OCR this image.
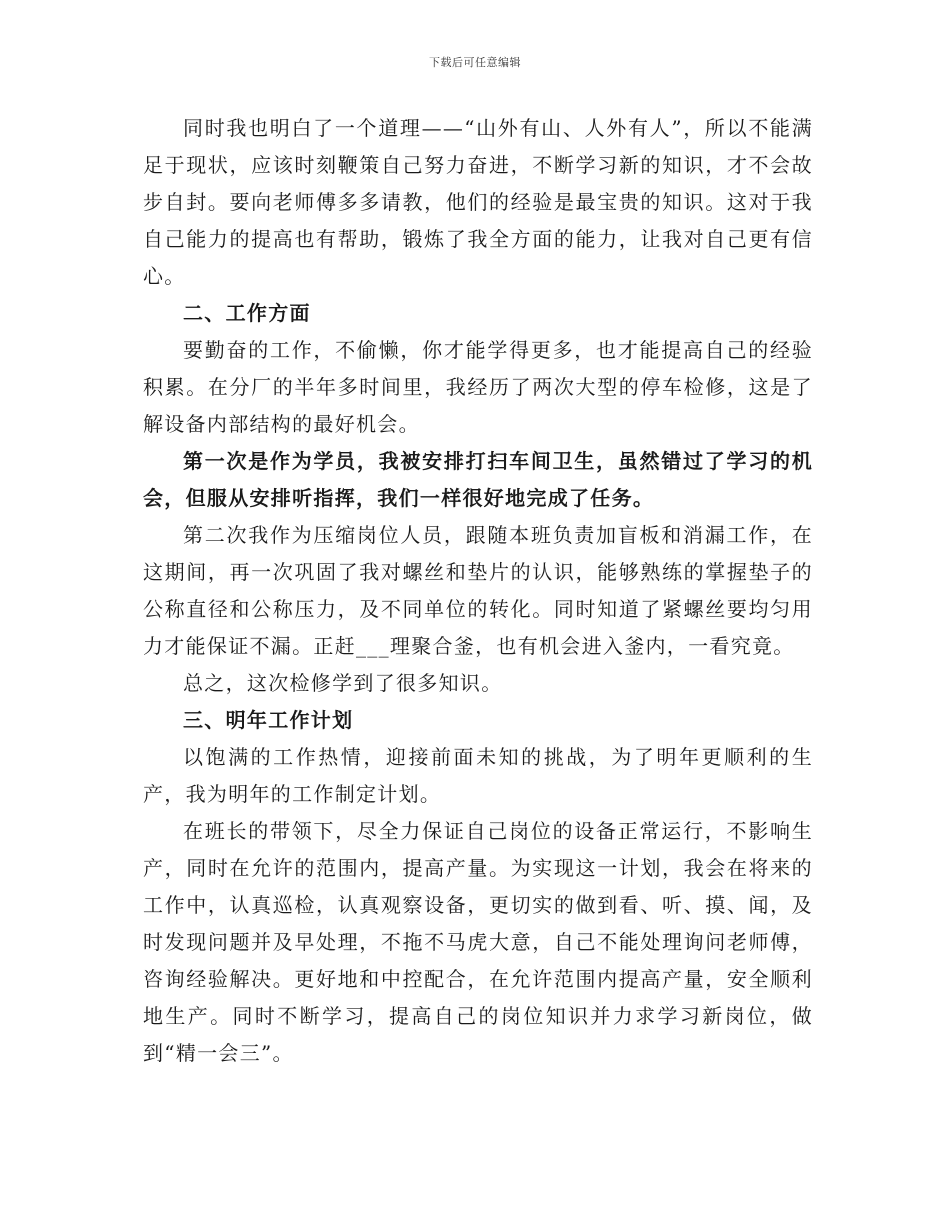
下载后可任意编辑

同时我也明白了一个道理——“山外有山、人外有人”，所以不能满足于现状，应该时刻鞭策自己努力奋进，不断学习新的知识，才不会故步自封。要向老师傅多多请教，他们的经验是最宝贵的知识。这对于我自己能力的提高也有帮助，锻炼了我全方面的能力，让我对自己更有信心。

二、工作方面

要勤奋的工作，不偷懒，你才能学得更多，也才能提高自己的经验积累。在分厂的半年多时间里，我经历了两次大型的停车检修，这是了解设备内部结构的最好机会。

第一次是作为学员，我被安排打扫车间卫生，虽然错过了学习的机会，但服从安排听指挥，我们一样很好地完成了任务。

第二次我作为压缩岗位人员，跟随本班负责加盲板和消漏工作，在这期间，再一次巩固了我对螺丝和垫片的认识，能够熟练的掌握垫子的公称直径和公称压力，及不同单位的转化。同时知道了紧螺丝要均匀用力才能保证不漏。正赶___理聚合釜，也有机会进入釜内，一看究竟。

总之，这次检修学到了很多知识。

三、明年工作计划

以饱满的工作热情，迎接前面未知的挑战，为了明年更顺利的生产，我为明年的工作制定计划。

在班长的带领下，尽全力保证自己岗位的设备正常运行，不影响生产，同时在允许的范围内，提高产量。为实现这一计划，我会在将来的工作中，认真巡检，认真观察设备，更切实的做到看、听、摸、闻，及时发现问题并及早处理，不拖不马虎大意，自己不能处理询问老师傅，咨询经验解决。更好地和中控配合，在允许范围内提高产量，安全顺利地生产。同时不断学习，提高自己的岗位知识并力求学习新岗位，做到“精一会三”。
